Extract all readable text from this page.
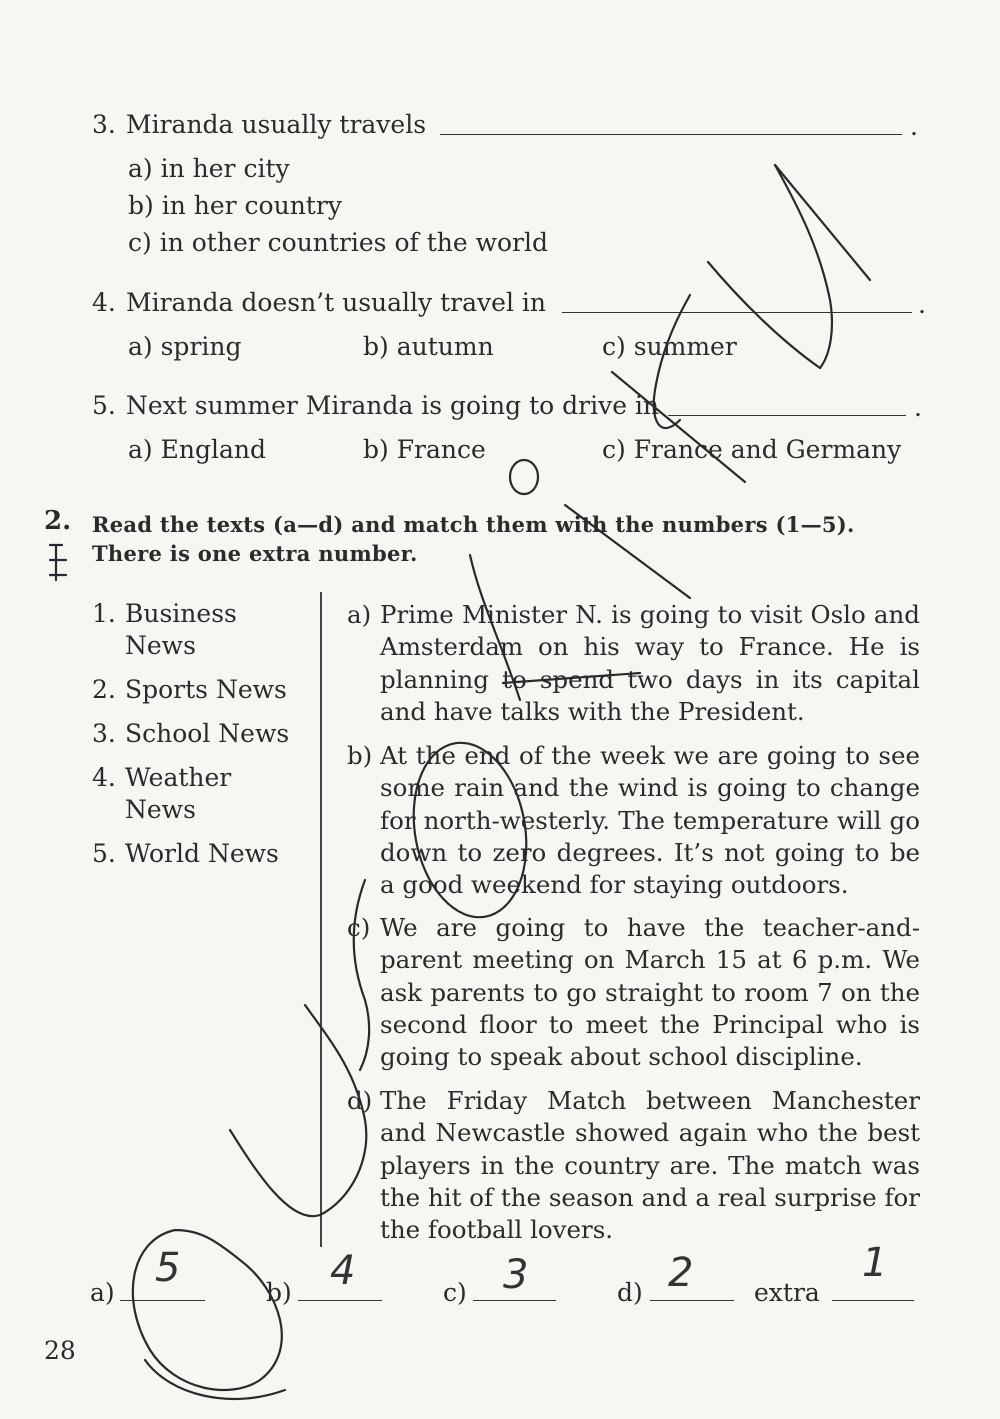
3. Miranda usually travels	.
a) in her city
b) in her country
c) in other countries of the world
4. Miranda doesn’t usually travel in	.
a) spring	b) autumn	c) summer
5. Next summer Miranda is going to drive in	.
a) England	b) France	c) France and Germany
2. Read the texts (a—d) and match them with the numbers (1—5). There is one extra number.
1. Business
News
2. Sports News
3. School News
4. Weather
News
5. World News
a) Prime Minister N. is going to visit Oslo and Amsterdam on his way to France. He is planning to spend two days in its capital and have talks with the President.
b) At the end of the week we are going to see some rain and the wind is going to change for north-westerly. The temperature will go down to zero degrees. It’s not going to be a good weekend for staying outdoors.
c) We are going to have the teacher-and-parent meeting on March 15 at 6 p.m. We ask parents to go straight to room 7 on the second floor to meet the Principal who is going to speak about school discipline.
d) The Friday Match between Manchester and Newcastle showed again who the best players in the country are. The match was the hit of the season and a real surprise for the football lovers.
a)
5
b) 4	c) 3	d) 2 extra
1
28
